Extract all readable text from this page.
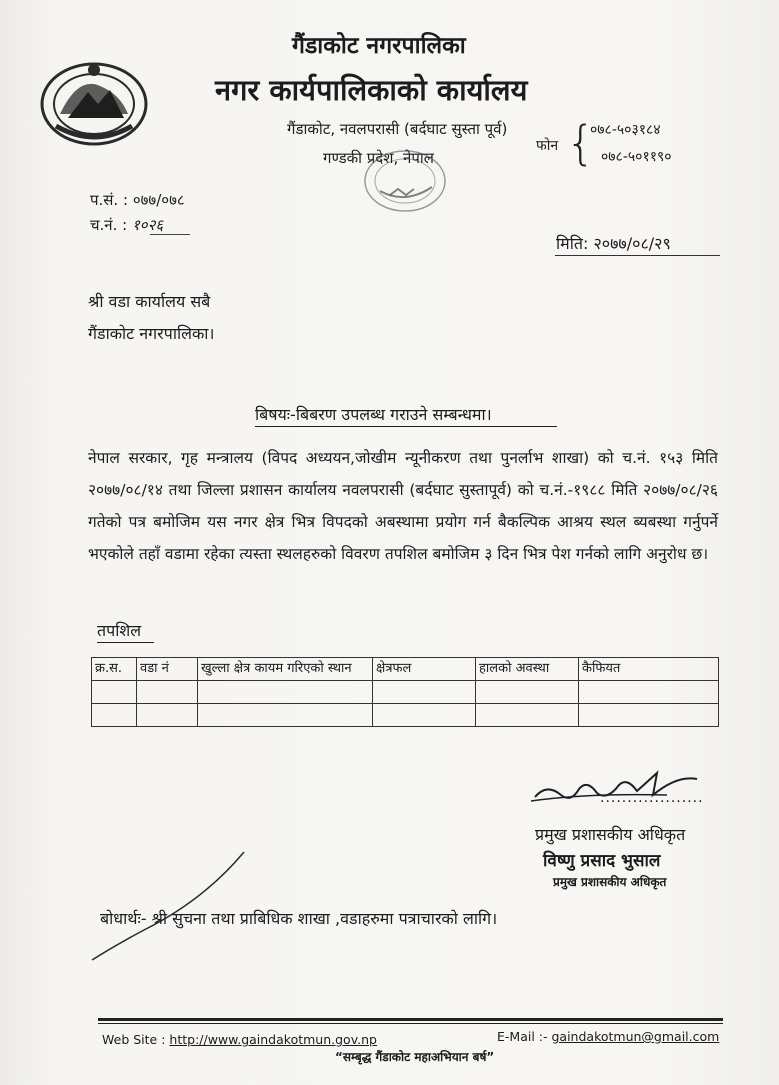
गैंडाकोट नगरपालिका
नगर कार्यपालिकाको कार्यालय
गैंडाकोट, नवलपरासी (बर्दघाट सुस्ता पूर्व)
गण्डकी प्रदेश, नेपाल
फोन {
०७८-५०३१८४
०७८-५०११९०
प.सं. : ०७७/०७८
च.नं. : १०२६
मिति: २०७७/०८/२९
श्री वडा कार्यालय सबै
गैंडाकोट नगरपालिका।
बिषयः-बिबरण उपलब्ध गराउने सम्बन्धमा।
नेपाल सरकार, गृह मन्त्रालय (विपद अध्ययन,जोखीम न्यूनीकरण तथा पुनर्लाभ शाखा) को च.नं. १५३ मिति २०७७/०८/१४ तथा जिल्ला प्रशासन कार्यालय नवलपरासी (बर्दघाट सुस्तापूर्व) को च.नं.-१९८८ मिति २०७७/०८/२६ गतेको पत्र बमोजिम यस नगर क्षेत्र भित्र विपदको अबस्थामा प्रयोग गर्न बैकल्पिक आश्रय स्थल ब्यबस्था गर्नुपर्ने भएकोले तहाँ वडामा रहेका त्यस्ता स्थलहरुको विवरण तपशिल बमोजिम ३ दिन भित्र पेश गर्नको लागि अनुरोध छ।
तपशिल
क्र.स.	वडा नं	खुल्ला क्षेत्र कायम गरिएको स्थान	क्षेत्रफल	हालको अवस्था	कैफियत

...................
प्रमुख प्रशासकीय अधिकृत
विष्णु प्रसाद भुसाल
प्रमुख प्रशासकीय अधिकृत
बोधार्थः- श्री सुचना तथा प्राबिधिक शाखा ,वडाहरुमा पत्राचारको लागि।
Web Site : http://www.gaindakotmun.gov.np	E-Mail :- gaindakotmun@gmail.com
“सम्बृद्ध गैंडाकोट महाअभियान बर्ष”
